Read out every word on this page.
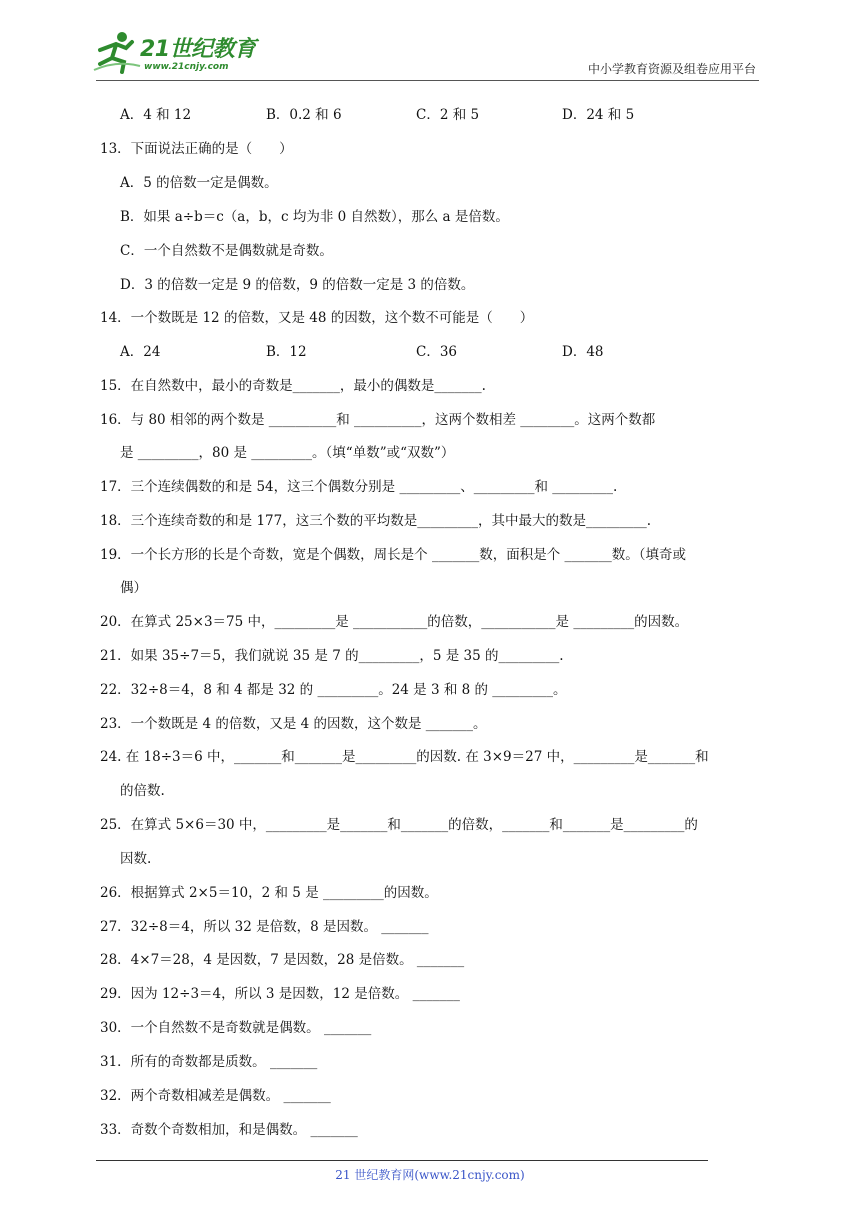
21世纪教育
www.21cnjy.com	中小学教育资源及组卷应用平台
A．4 和 12	B．0.2 和 6	C．2 和 5	D．24 和 5
13．下面说法正确的是（　　）
A．5 的倍数一定是偶数。
B．如果 a÷b＝c（a，b，c 均为非 0 自然数），那么 a 是倍数。
C．一个自然数不是偶数就是奇数。
D．3 的倍数一定是 9 的倍数，9 的倍数一定是 3 的倍数。
14．一个数既是 12 的倍数，又是 48 的因数，这个数不可能是（　　）
A．24	B．12	C．36	D．48
15．在自然数中，最小的奇数是_______，最小的偶数是_______.
16．与 80 相邻的两个数是 __________和 __________，这两个数相差 ________。这两个数都
是 _________，80 是 _________。（填“单数”或“双数”）
17．三个连续偶数的和是 54，这三个偶数分别是 _________、_________和 _________.
18．三个连续奇数的和是 177，这三个数的平均数是_________，其中最大的数是_________.
19．一个长方形的长是个奇数，宽是个偶数，周长是个 _______数，面积是个 _______数。（填奇或
偶）
20．在算式 25×3＝75 中，_________是 ___________的倍数，___________是 _________的因数。
21．如果 35÷7＝5，我们就说 35 是 7 的_________，5 是 35 的_________.
22．32÷8＝4，8 和 4 都是 32 的 _________。24 是 3 和 8 的 _________。
23．一个数既是 4 的倍数，又是 4 的因数，这个数是 _______。
24. 在 18÷3＝6 中，_______和_______是_________的因数. 在 3×9＝27 中，_________是_______和
的倍数.
25．在算式 5×6＝30 中，_________是_______和_______的倍数，_______和_______是_________的
因数.
26．根据算式 2×5＝10，2 和 5 是 _________的因数。
27．32÷8＝4，所以 32 是倍数，8 是因数。 _______
28．4×7＝28，4 是因数，7 是因数，28 是倍数。 _______
29．因为 12÷3＝4，所以 3 是因数，12 是倍数。 _______
30．一个自然数不是奇数就是偶数。 _______
31．所有的奇数都是质数。 _______
32．两个奇数相减差是偶数。 _______
33．奇数个奇数相加，和是偶数。 _______
21 世纪教育网(www.21cnjy.com)
